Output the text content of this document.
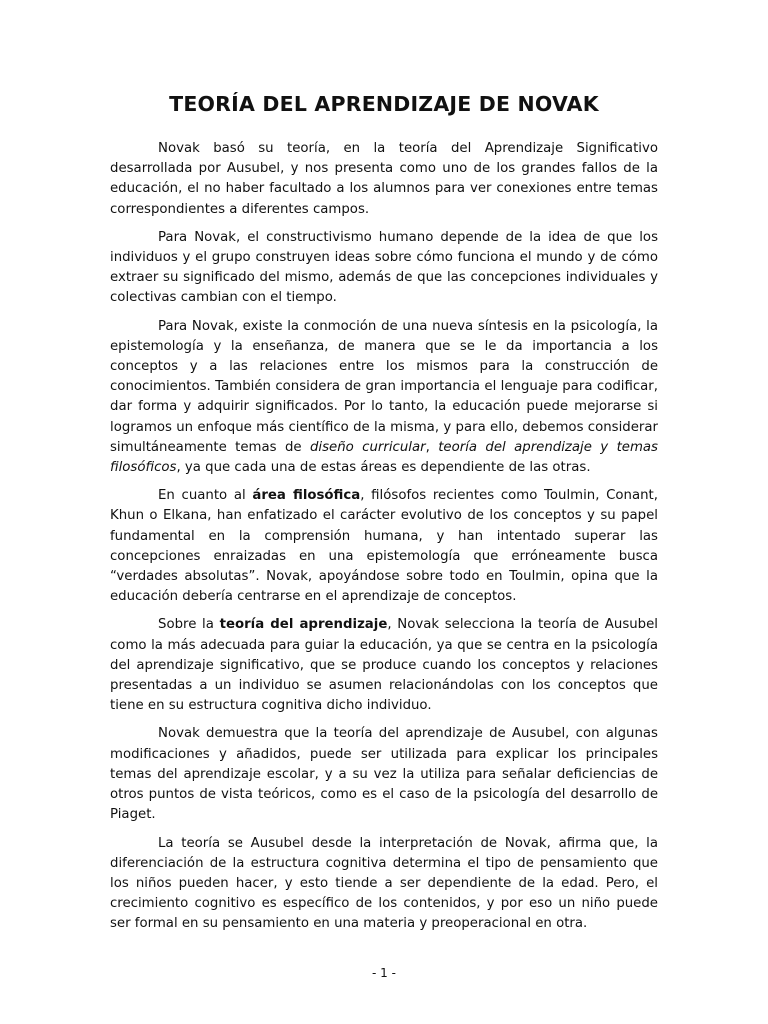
TEORÍA DEL APRENDIZAJE DE NOVAK

Novak basó su teoría, en la teoría del Aprendizaje Significativo desarrollada por Ausubel, y nos presenta como uno de los grandes fallos de la educación, el no haber facultado a los alumnos para ver conexiones entre temas correspondientes a diferentes campos.

Para Novak, el constructivismo humano depende de la idea de que los individuos y el grupo construyen ideas sobre cómo funciona el mundo y de cómo extraer su significado del mismo, además de que las concepciones individuales y colectivas cambian con el tiempo.

Para Novak, existe la conmoción de una nueva síntesis en la psicología, la epistemología y la enseñanza, de manera que se le da importancia a los conceptos y a las relaciones entre los mismos para la construcción de conocimientos. También considera de gran importancia el lenguaje para codificar, dar forma y adquirir significados. Por lo tanto, la educación puede mejorarse si logramos un enfoque más científico de la misma, y para ello, debemos considerar simultáneamente temas de diseño curricular, teoría del aprendizaje y temas filosóficos, ya que cada una de estas áreas es dependiente de las otras.

En cuanto al área filosófica, filósofos recientes como Toulmin, Conant, Khun o Elkana, han enfatizado el carácter evolutivo de los conceptos y su papel fundamental en la comprensión humana, y han intentado superar las concepciones enraizadas en una epistemología que erróneamente busca “verdades absolutas”. Novak, apoyándose sobre todo en Toulmin, opina que la educación debería centrarse en el aprendizaje de conceptos.

Sobre la teoría del aprendizaje, Novak selecciona la teoría de Ausubel como la más adecuada para guiar la educación, ya que se centra en la psicología del aprendizaje significativo, que se produce cuando los conceptos y relaciones presentadas a un individuo se asumen relacionándolas con los conceptos que tiene en su estructura cognitiva dicho individuo.

Novak demuestra que la teoría del aprendizaje de Ausubel, con algunas modificaciones y añadidos, puede ser utilizada para explicar los principales temas del aprendizaje escolar, y a su vez la utiliza para señalar deficiencias de otros puntos de vista teóricos, como es el caso de la psicología del desarrollo de Piaget.

La teoría se Ausubel desde la interpretación de Novak, afirma que, la diferenciación de la estructura cognitiva determina el tipo de pensamiento que los niños pueden hacer, y esto tiende a ser dependiente de la edad. Pero, el crecimiento cognitivo es específico de los contenidos, y por eso un niño puede ser formal en su pensamiento en una materia y preoperacional en otra.

- 1 -
